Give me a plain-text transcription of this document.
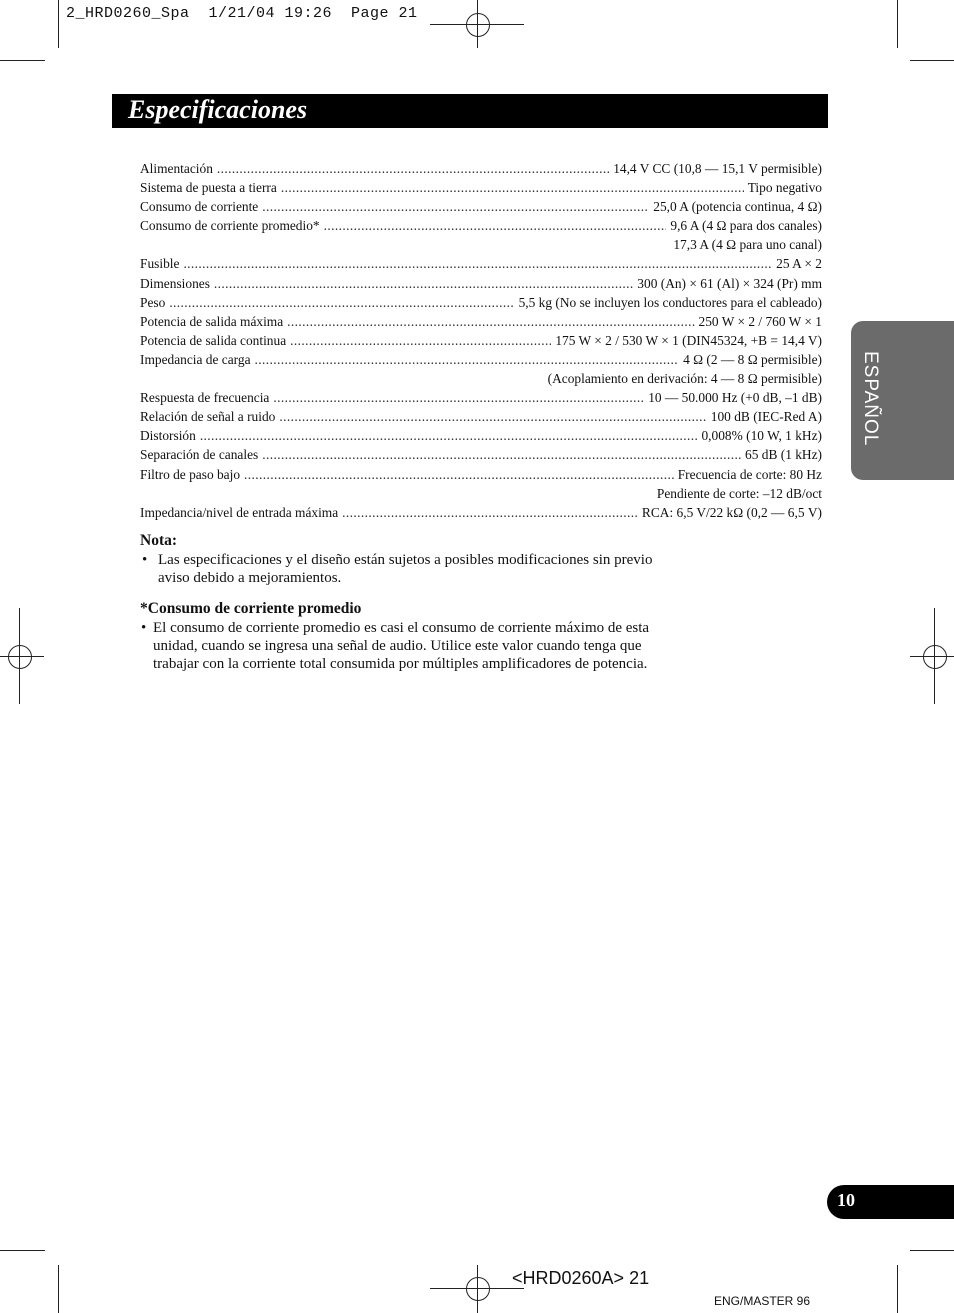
2_HRD0260_Spa  1/21/04 19:26  Page 21
Especificaciones
Alimentación .....	14,4 V CC (10,8 — 15,1 V permisible)
Sistema de puesta a tierra .....	Tipo negativo
Consumo de corriente .....	25,0 A (potencia continua, 4 Ω)
Consumo de corriente promedio* .....	9,6 A (4 Ω para dos canales)
17,3 A (4 Ω para uno canal)
Fusible .....	25 A × 2
Dimensiones .....	300 (An) × 61 (Al) × 324 (Pr) mm
Peso .....	5,5 kg (No se incluyen los conductores para el cableado)
Potencia de salida máxima .....	250 W × 2 / 760 W × 1
Potencia de salida continua .....	175 W × 2 / 530 W × 1 (DIN45324, +B = 14,4 V)
Impedancia de carga .....	4 Ω (2 — 8 Ω permisible)
(Acoplamiento en derivación: 4 — 8 Ω permisible)
Respuesta de frecuencia .....	10 — 50.000 Hz (+0 dB, –1 dB)
Relación de señal a ruido .....	100 dB (IEC-Red A)
Distorsión .....	0,008% (10 W, 1 kHz)
Separación de canales .....	65 dB (1 kHz)
Filtro de paso bajo .....	Frecuencia de corte: 80 Hz
Pendiente de corte: –12 dB/oct
Impedancia/nivel de entrada máxima .....	RCA: 6,5 V/22 kΩ (0,2 — 6,5 V)
Nota:
• Las especificaciones y el diseño están sujetos a posibles modificaciones sin previo
aviso debido a mejoramientos.
*Consumo de corriente promedio
• El consumo de corriente promedio es casi el consumo de corriente máximo de esta
unidad, cuando se ingresa una señal de audio. Utilice este valor cuando tenga que
trabajar con la corriente total consumida por múltiples amplificadores de potencia.
ESPAÑOL
10
<HRD0260A> 21
ENG/MASTER 96
